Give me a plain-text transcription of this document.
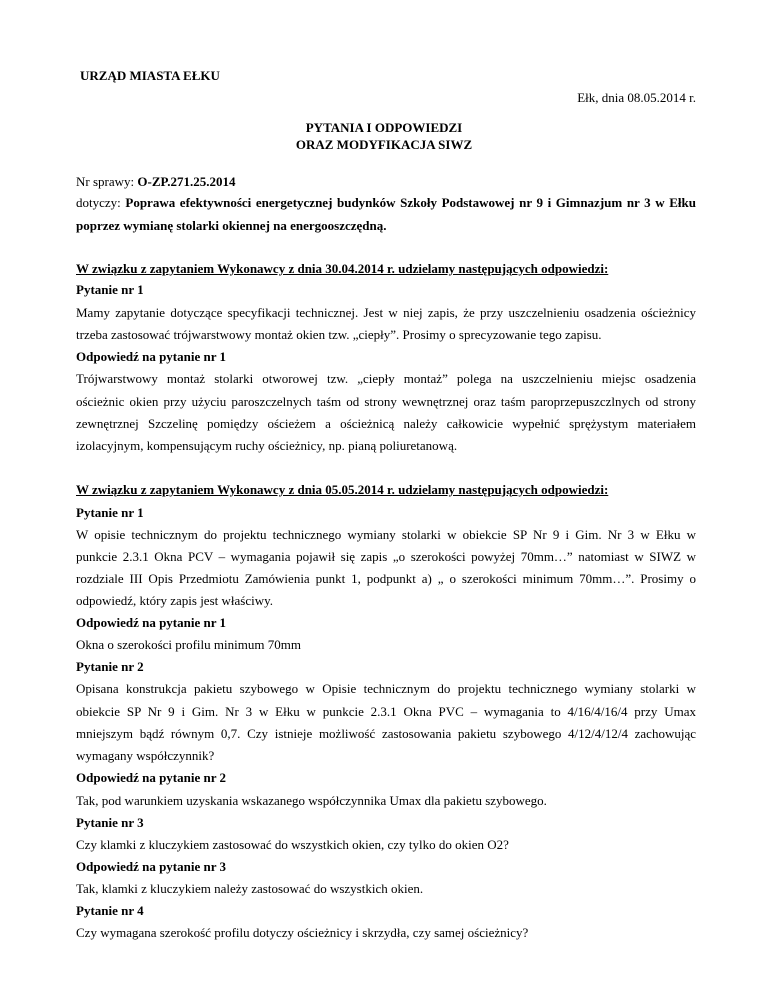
URZĄD MIASTA EŁKU
Ełk, dnia 08.05.2014 r.
PYTANIA I ODPOWIEDZI
ORAZ MODYFIKACJA SIWZ
Nr sprawy: O-ZP.271.25.2014
dotyczy: Poprawa efektywności energetycznej budynków Szkoły Podstawowej nr 9 i Gimnazjum nr 3 w Ełku
poprzez wymianę stolarki okiennej na energooszczędną.
W związku z zapytaniem Wykonawcy z dnia 30.04.2014 r. udzielamy następujących odpowiedzi:
Pytanie nr 1
Mamy zapytanie dotyczące specyfikacji technicznej. Jest w niej zapis, że przy uszczelnieniu osadzenia ościeżnicy
trzeba zastosować trójwarstwowy montaż okien tzw. „ciepły”. Prosimy o sprecyzowanie tego zapisu.
Odpowiedź na pytanie nr 1
Trójwarstwowy montaż stolarki otworowej tzw. „ciepły montaż” polega na uszczelnieniu miejsc osadzenia
ościeżnic okien przy użyciu paroszczelnych taśm od strony wewnętrznej oraz taśm paroprzepuszczlnych od strony
zewnętrznej Szczelinę pomiędzy ościeżem a ościeżnicą należy całkowicie wypełnić sprężystym materiałem
izolacyjnym, kompensującym ruchy ościeżnicy, np. pianą poliuretanową.
W związku z zapytaniem Wykonawcy z dnia 05.05.2014 r. udzielamy następujących odpowiedzi:
Pytanie nr 1
W opisie technicznym do projektu technicznego wymiany stolarki w obiekcie SP Nr 9 i Gim. Nr 3 w Ełku w
punkcie 2.3.1 Okna PCV – wymagania pojawił się zapis „o szerokości powyżej 70mm…” natomiast w SIWZ w
rozdziale III Opis Przedmiotu Zamówienia punkt 1, podpunkt a) „ o szerokości minimum 70mm…”. Prosimy o
odpowiedź, który zapis jest właściwy.
Odpowiedź na pytanie nr 1
Okna o szerokości profilu minimum 70mm
Pytanie nr 2
Opisana konstrukcja pakietu szybowego w Opisie technicznym do projektu technicznego wymiany stolarki w
obiekcie SP Nr 9 i Gim. Nr 3 w Ełku w punkcie 2.3.1 Okna PVC – wymagania to 4/16/4/16/4 przy Umax
mniejszym bądź równym 0,7. Czy istnieje możliwość zastosowania pakietu szybowego 4/12/4/12/4 zachowując
wymagany współczynnik?
Odpowiedź na pytanie nr 2
Tak, pod warunkiem uzyskania wskazanego współczynnika Umax dla pakietu szybowego.
Pytanie nr 3
Czy klamki z kluczykiem zastosować do wszystkich okien, czy tylko do okien O2?
Odpowiedź na pytanie nr 3
Tak, klamki z kluczykiem należy zastosować do wszystkich okien.
Pytanie nr 4
Czy wymagana szerokość profilu dotyczy ościeżnicy i skrzydła, czy samej ościeżnicy?
